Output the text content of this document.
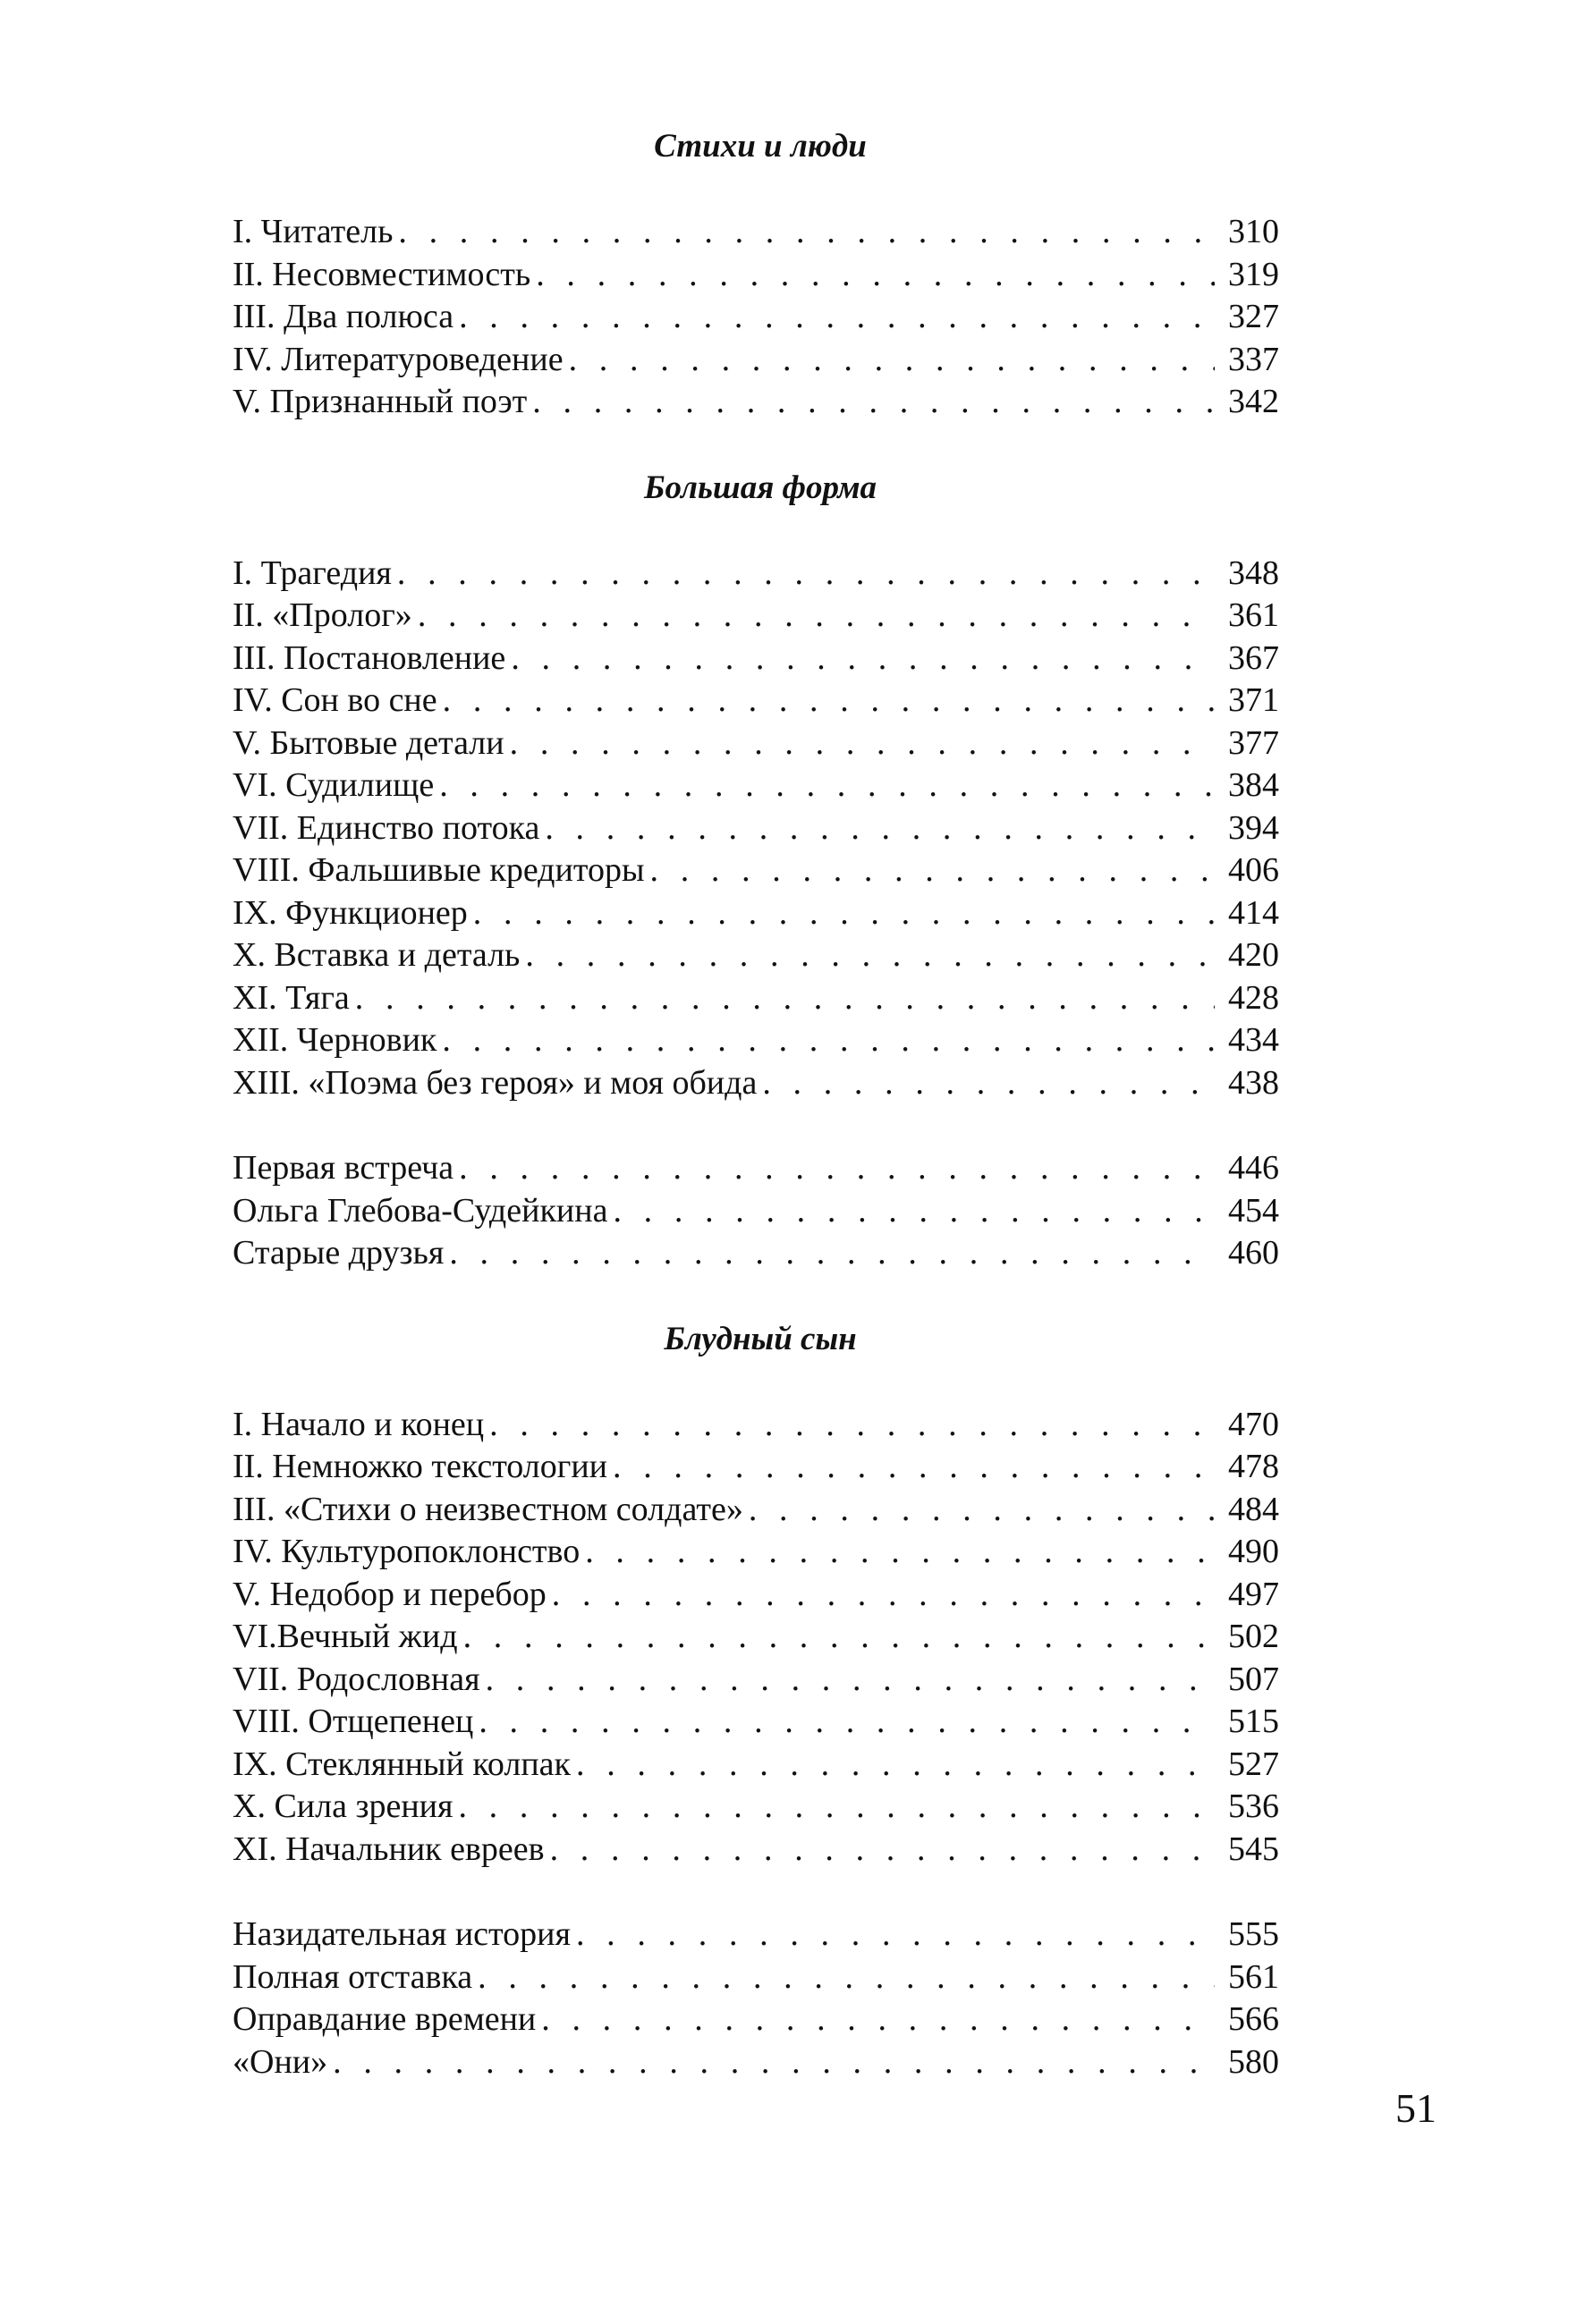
Стихи и люди
I. Читатель . . .	310
II. Несовместимость . . .	319
III. Два полюса . . .	327
IV. Литературоведение . . .	337
V. Признанный поэт . . .	342
Большая форма
I. Трагедия . . .	348
II. «Пролог» . . .	361
III. Постановление . . .	367
IV. Сон во сне . . .	371
V. Бытовые детали . . .	377
VI. Судилище . . .	384
VII. Единство потока . . .	394
VIII. Фальшивые кредиторы . . .	406
IX. Функционер . . .	414
X. Вставка и деталь . . .	420
XI. Тяга . . .	428
XII. Черновик . . .	434
XIII. «Поэма без героя» и моя обида . . .	438
Первая встреча . . .	446
Ольга Глебова-Судейкина . . .	454
Старые друзья . . .	460
Блудный сын
I. Начало и конец . . .	470
II. Немножко текстологии . . .	478
III. «Стихи о неизвестном солдате» . . .	484
IV. Культуропоклонство . . .	490
V. Недобор и перебор . . .	497
VI.Вечный жид . . .	502
VII. Родословная . . .	507
VIII. Отщепенец . . .	515
IX. Стеклянный колпак . . .	527
X. Сила зрения . . .	536
XI. Начальник евреев . . .	545
Назидательная история . . .	555
Полная отставка . . .	561
Оправдание времени . . .	566
«Они» . . .	580
51
